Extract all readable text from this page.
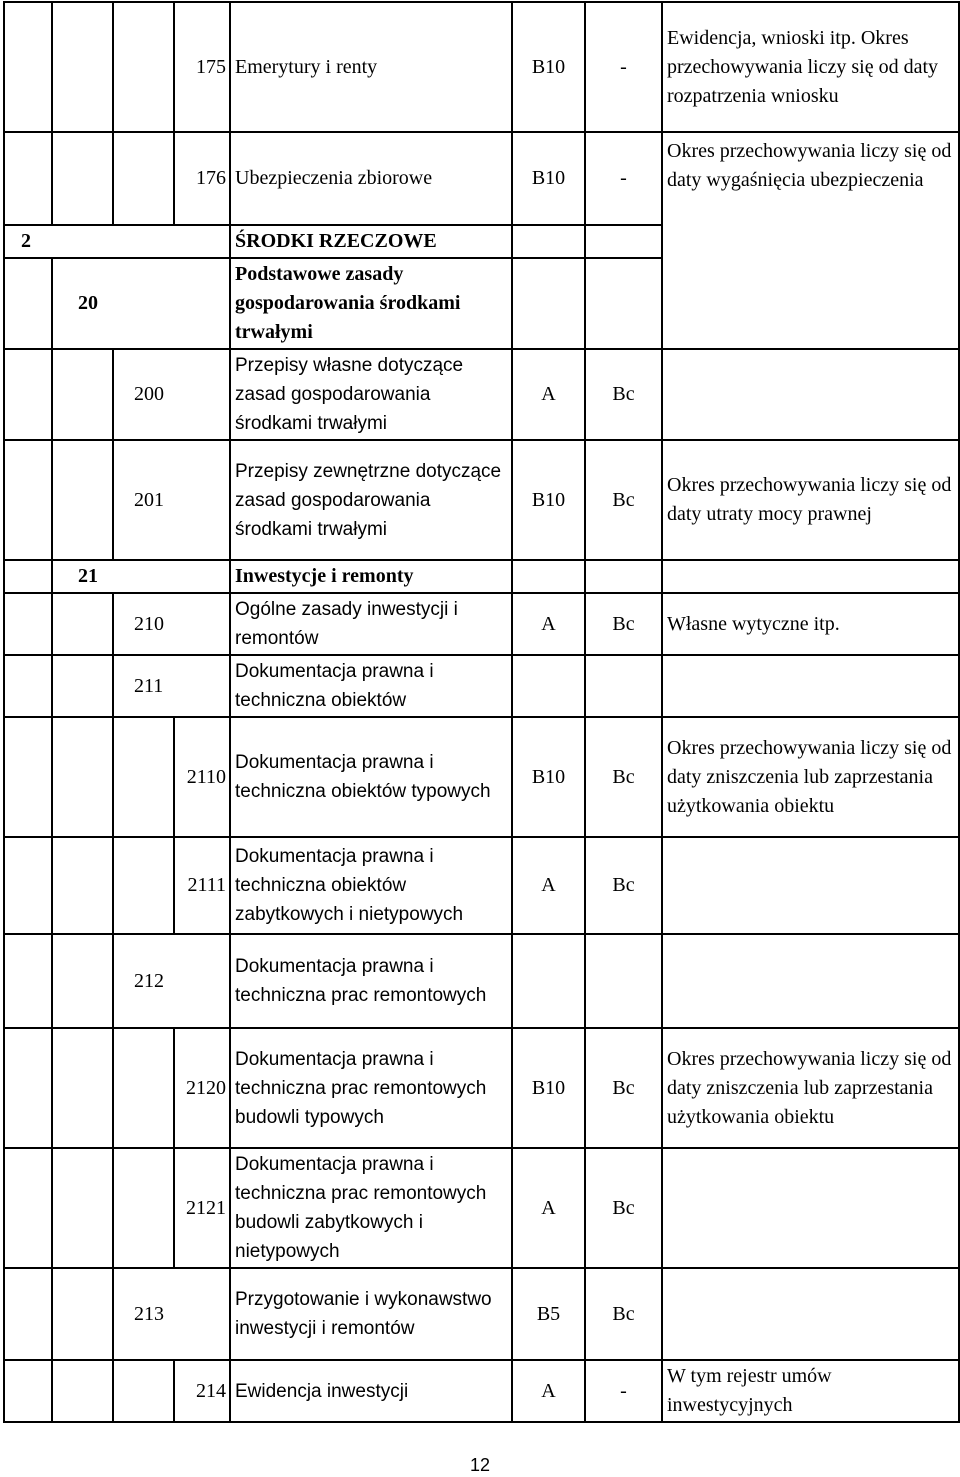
			175	Emerytury i renty	B10	-	Ewidencja, wnioski itp. Okres przechowywania liczy się od daty rozpatrzenia wniosku
			176	Ubezpieczenia zbiorowe	B10	-	Okres przechowywania liczy się od daty wygaśnięcia ubezpieczenia
2				ŚRODKI RZECZOWE			
	20			Podstawowe zasady gospodarowania środkami trwałymi			
		200		Przepisy własne dotyczące zasad gospodarowania środkami trwałymi	A	Bc	
		201		Przepisy zewnętrzne dotyczące zasad gospodarowania środkami trwałymi	B10	Bc	Okres przechowywania liczy się od daty utraty mocy prawnej
	21			Inwestycje i remonty			
		210		Ogólne zasady inwestycji i remontów	A	Bc	Własne wytyczne itp.
		211		Dokumentacja prawna i techniczna obiektów			
			2110	Dokumentacja prawna i techniczna obiektów typowych	B10	Bc	Okres przechowywania liczy się od daty zniszczenia lub zaprzestania użytkowania obiektu
			2111	Dokumentacja prawna i techniczna obiektów zabytkowych i nietypowych	A	Bc	
		212		Dokumentacja prawna i techniczna prac remontowych			
			2120	Dokumentacja prawna i techniczna prac remontowych budowli typowych	B10	Bc	Okres przechowywania liczy się od daty zniszczenia lub zaprzestania użytkowania obiektu
			2121	Dokumentacja prawna i techniczna prac remontowych budowli zabytkowych i nietypowych	A	Bc	
		213		Przygotowanie i wykonawstwo inwestycji i remontów	B5	Bc	
			214	Ewidencja inwestycji	A	-	W tym rejestr umów inwestycyjnych
12
